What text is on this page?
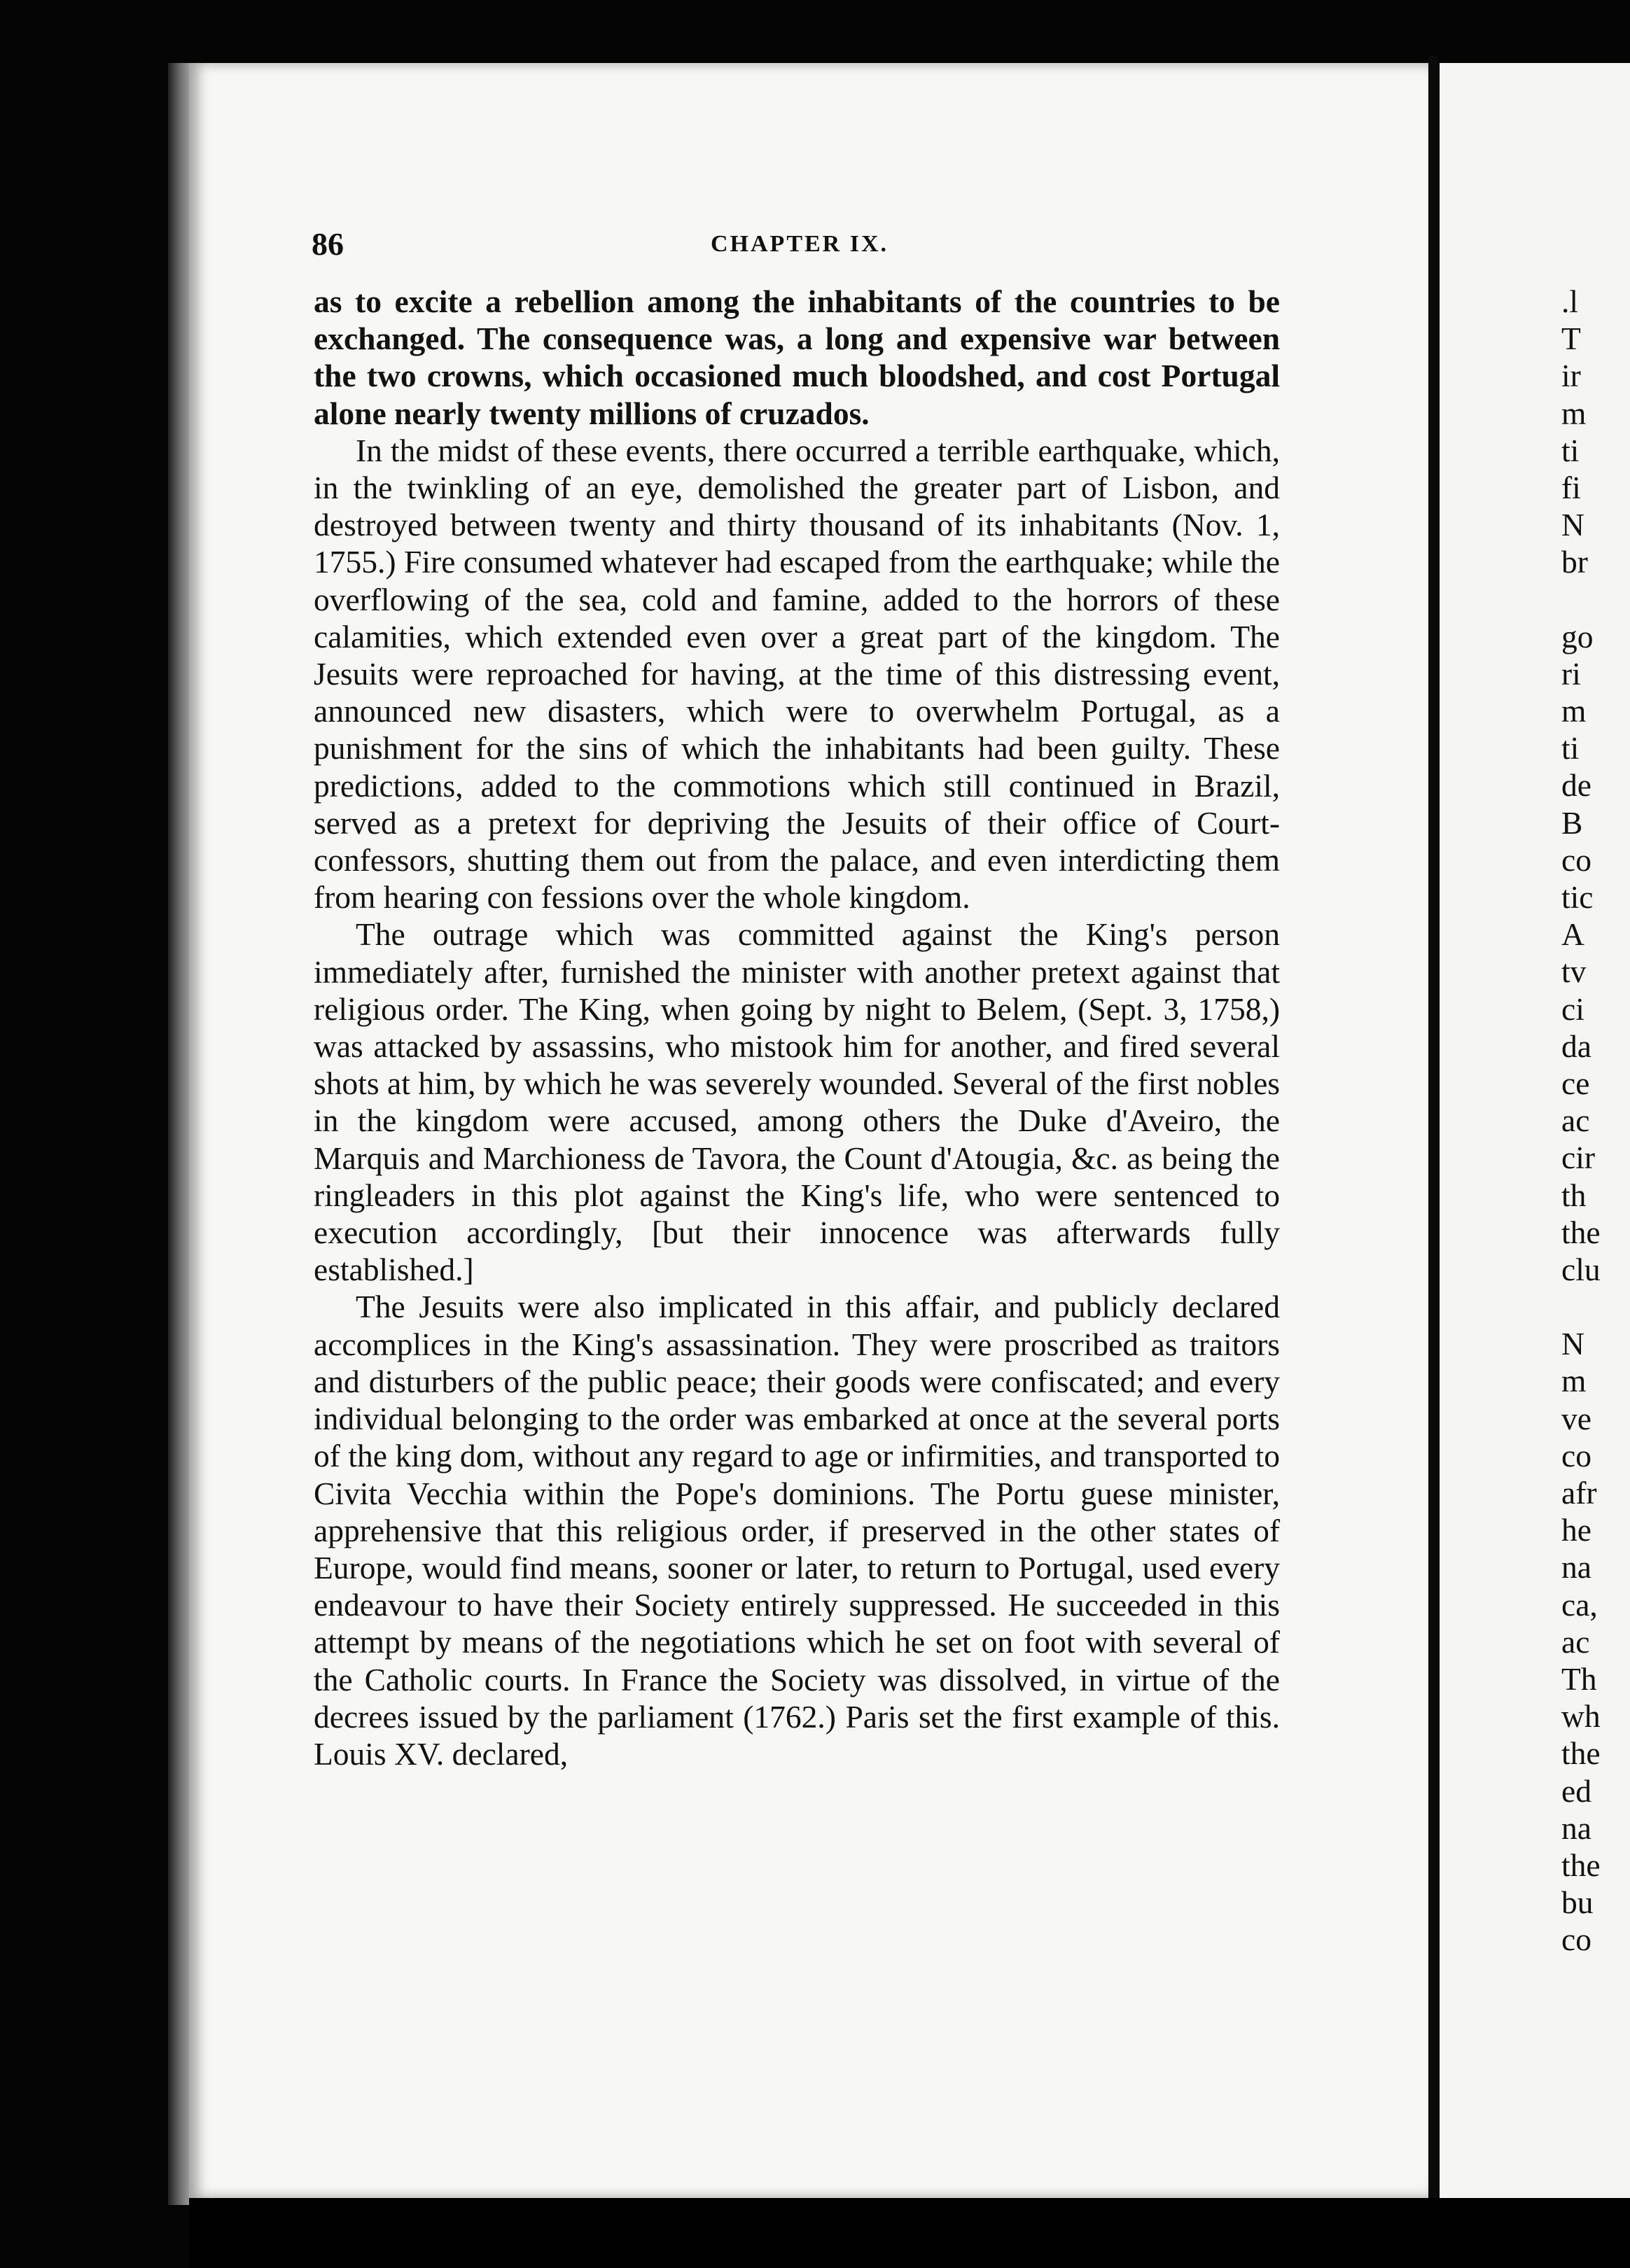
86	CHAPTER IX.

as to excite a rebellion among the inhabitants of the countries to be exchanged. The consequence was, a long and expensive war between the two crowns, which occasioned much bloodshed, and cost Portugal alone nearly twenty millions of cruzados.

In the midst of these events, there occurred a terrible earthquake, which, in the twinkling of an eye, demolished the greater part of Lisbon, and destroyed between twenty and thirty thousand of its inhabitants (Nov. 1, 1755.) Fire consumed whatever had escaped from the earthquake; while the overflowing of the sea, cold and famine, added to the horrors of these calamities, which extended even over a great part of the kingdom. The Jesuits were reproached for having, at the time of this distressing event, announced new disasters, which were to overwhelm Portugal, as a punishment for the sins of which the inhabitants had been guilty. These predictions, added to the commotions which still continued in Brazil, served as a pretext for depriving the Jesuits of their office of Court-confessors, shutting them out from the palace, and even interdicting them from hearing con fessions over the whole kingdom.

The outrage which was committed against the King's person immediately after, furnished the minister with another pretext against that religious order. The King, when going by night to Belem, (Sept. 3, 1758,) was attacked by assassins, who mistook him for another, and fired several shots at him, by which he was severely wounded. Several of the first nobles in the kingdom were accused, among others the Duke d'Aveiro, the Marquis and Marchioness de Tavora, the Count d'Atougia, &c. as being the ringleaders in this plot against the King's life, who were sentenced to execution accordingly, [but their innocence was afterwards fully established.]

The Jesuits were also implicated in this affair, and publicly declared accomplices in the King's assassination. They were proscribed as traitors and disturbers of the public peace; their goods were confiscated; and every individual belonging to the order was embarked at once at the several ports of the king dom, without any regard to age or infirmities, and transported to Civita Vecchia within the Pope's dominions. The Portu guese minister, apprehensive that this religious order, if preserved in the other states of Europe, would find means, sooner or later, to return to Portugal, used every endeavour to have their Society entirely suppressed. He succeeded in this attempt by means of the negotiations which he set on foot with several of the Catholic courts. In France the Society was dissolved, in virtue of the decrees issued by the parliament (1762.) Paris set the first example of this. Louis XV. declared,

.l
T
ir
m
ti
fi
N
br
go
ri
m
ti
de
B
co
tic
A
tv
ci
da
ce
ac
cir
th
the
clu
N
m
ve
co
afr
he
na
ca,
ac
Th
wh
the
ed
na
the
bu
co
